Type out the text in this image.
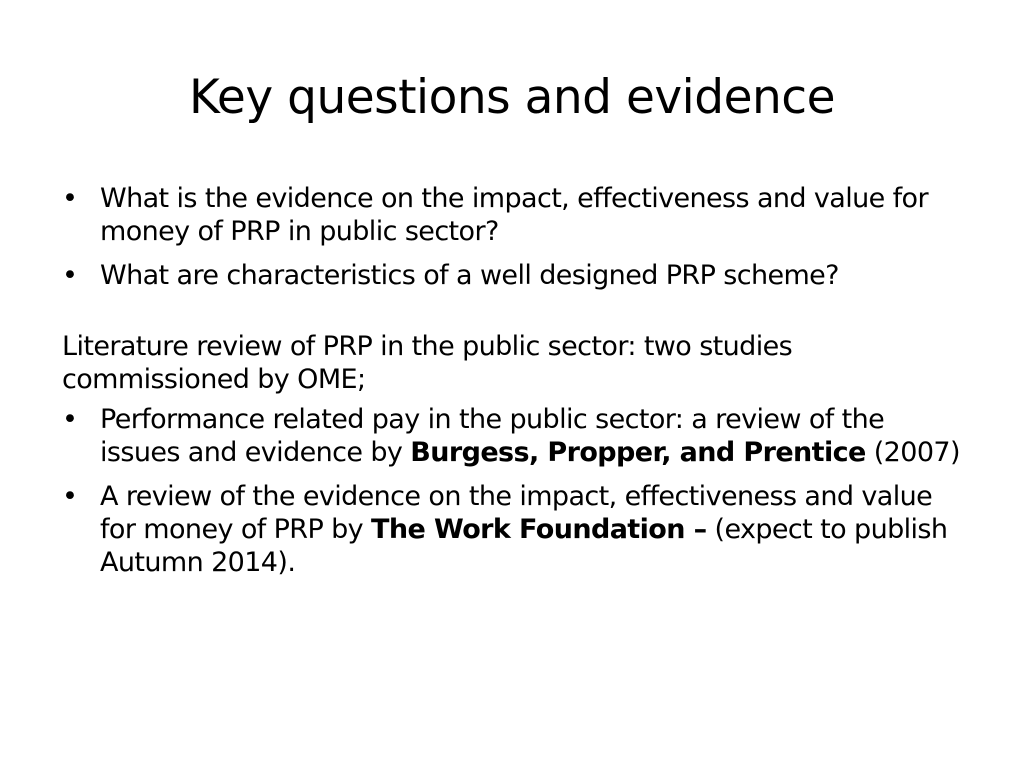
Key questions and evidence
• What is the evidence on the impact, effectiveness and value for money of PRP in public sector?
• What are characteristics of a well designed PRP scheme?
Literature review of PRP in the public sector: two studies commissioned by OME;
• Performance related pay in the public sector: a review of the issues and evidence by Burgess, Propper, and Prentice (2007)
• A review of the evidence on the impact, effectiveness and value for money of PRP by The Work Foundation – (expect to publish Autumn 2014).
